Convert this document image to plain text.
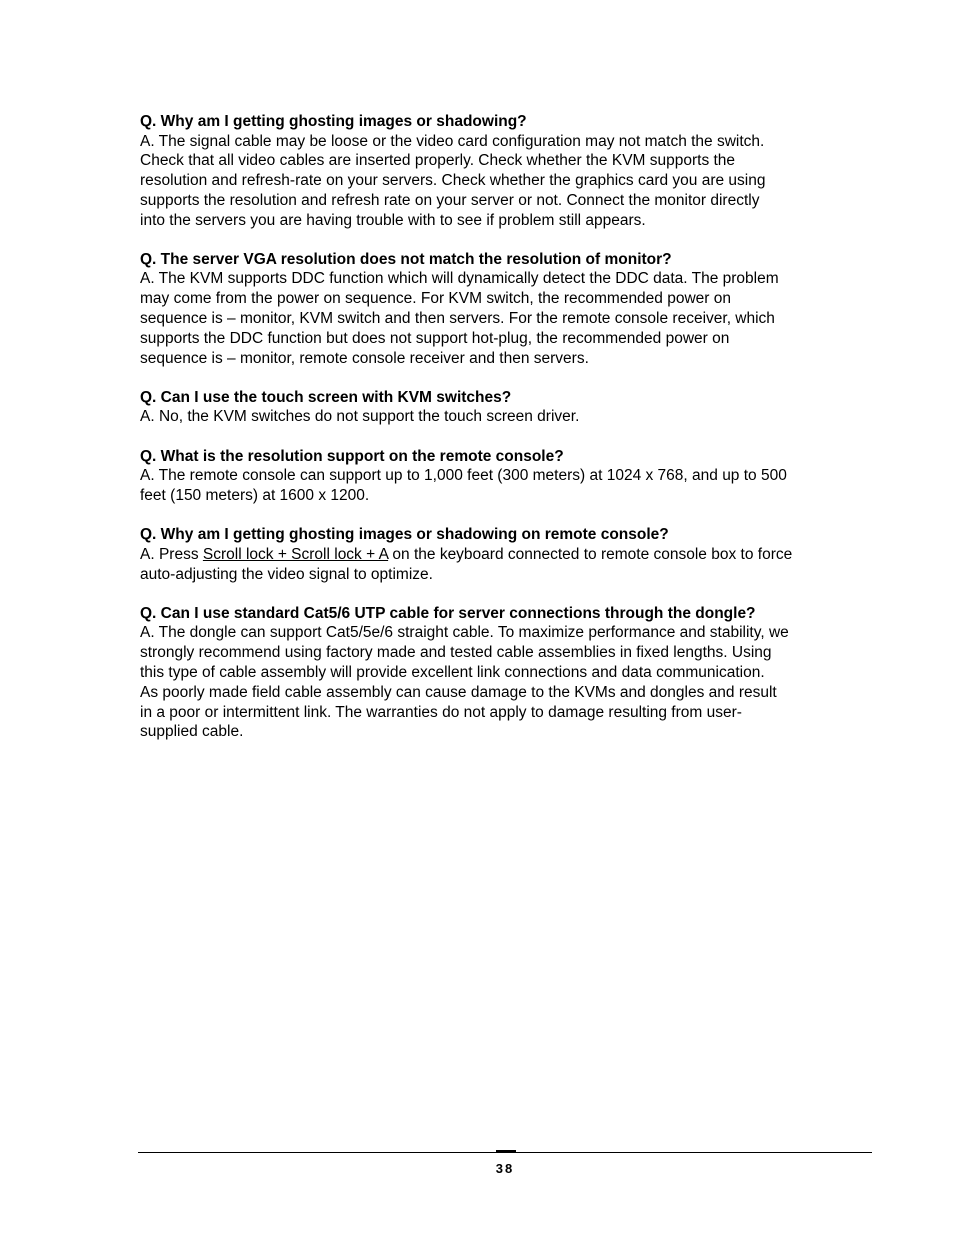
Q. Why am I getting ghosting images or shadowing?
A. The signal cable may be loose or the video card configuration may not match the switch.
Check that all video cables are inserted properly. Check whether the KVM supports the
resolution and refresh-rate on your servers. Check whether the graphics card you are using
supports the resolution and refresh rate on your server or not. Connect the monitor directly
into the servers you are having trouble with to see if problem still appears.
Q. The server VGA resolution does not match the resolution of monitor?
A. The KVM supports DDC function which will dynamically detect the DDC data. The problem
may come from the power on sequence. For KVM switch, the recommended power on
sequence is – monitor, KVM switch and then servers. For the remote console receiver, which
supports the DDC function but does not support hot-plug, the recommended power on
sequence is – monitor, remote console receiver and then servers.
Q. Can I use the touch screen with KVM switches?
A. No, the KVM switches do not support the touch screen driver.
Q. What is the resolution support on the remote console?
A. The remote console can support up to 1,000 feet (300 meters) at 1024 x 768, and up to 500
feet (150 meters) at 1600 x 1200.
Q. Why am I getting ghosting images or shadowing on remote console?
A. Press Scroll lock + Scroll lock + A on the keyboard connected to remote console box to force
auto-adjusting the video signal to optimize.
Q. Can I use standard Cat5/6 UTP cable for server connections through the dongle?
A. The dongle can support Cat5/5e/6 straight cable. To maximize performance and stability, we
strongly recommend using factory made and tested cable assemblies in fixed lengths. Using
this type of cable assembly will provide excellent link connections and data communication.
As poorly made field cable assembly can cause damage to the KVMs and dongles and result
in a poor or intermittent link. The warranties do not apply to damage resulting from user-
supplied cable.
38
